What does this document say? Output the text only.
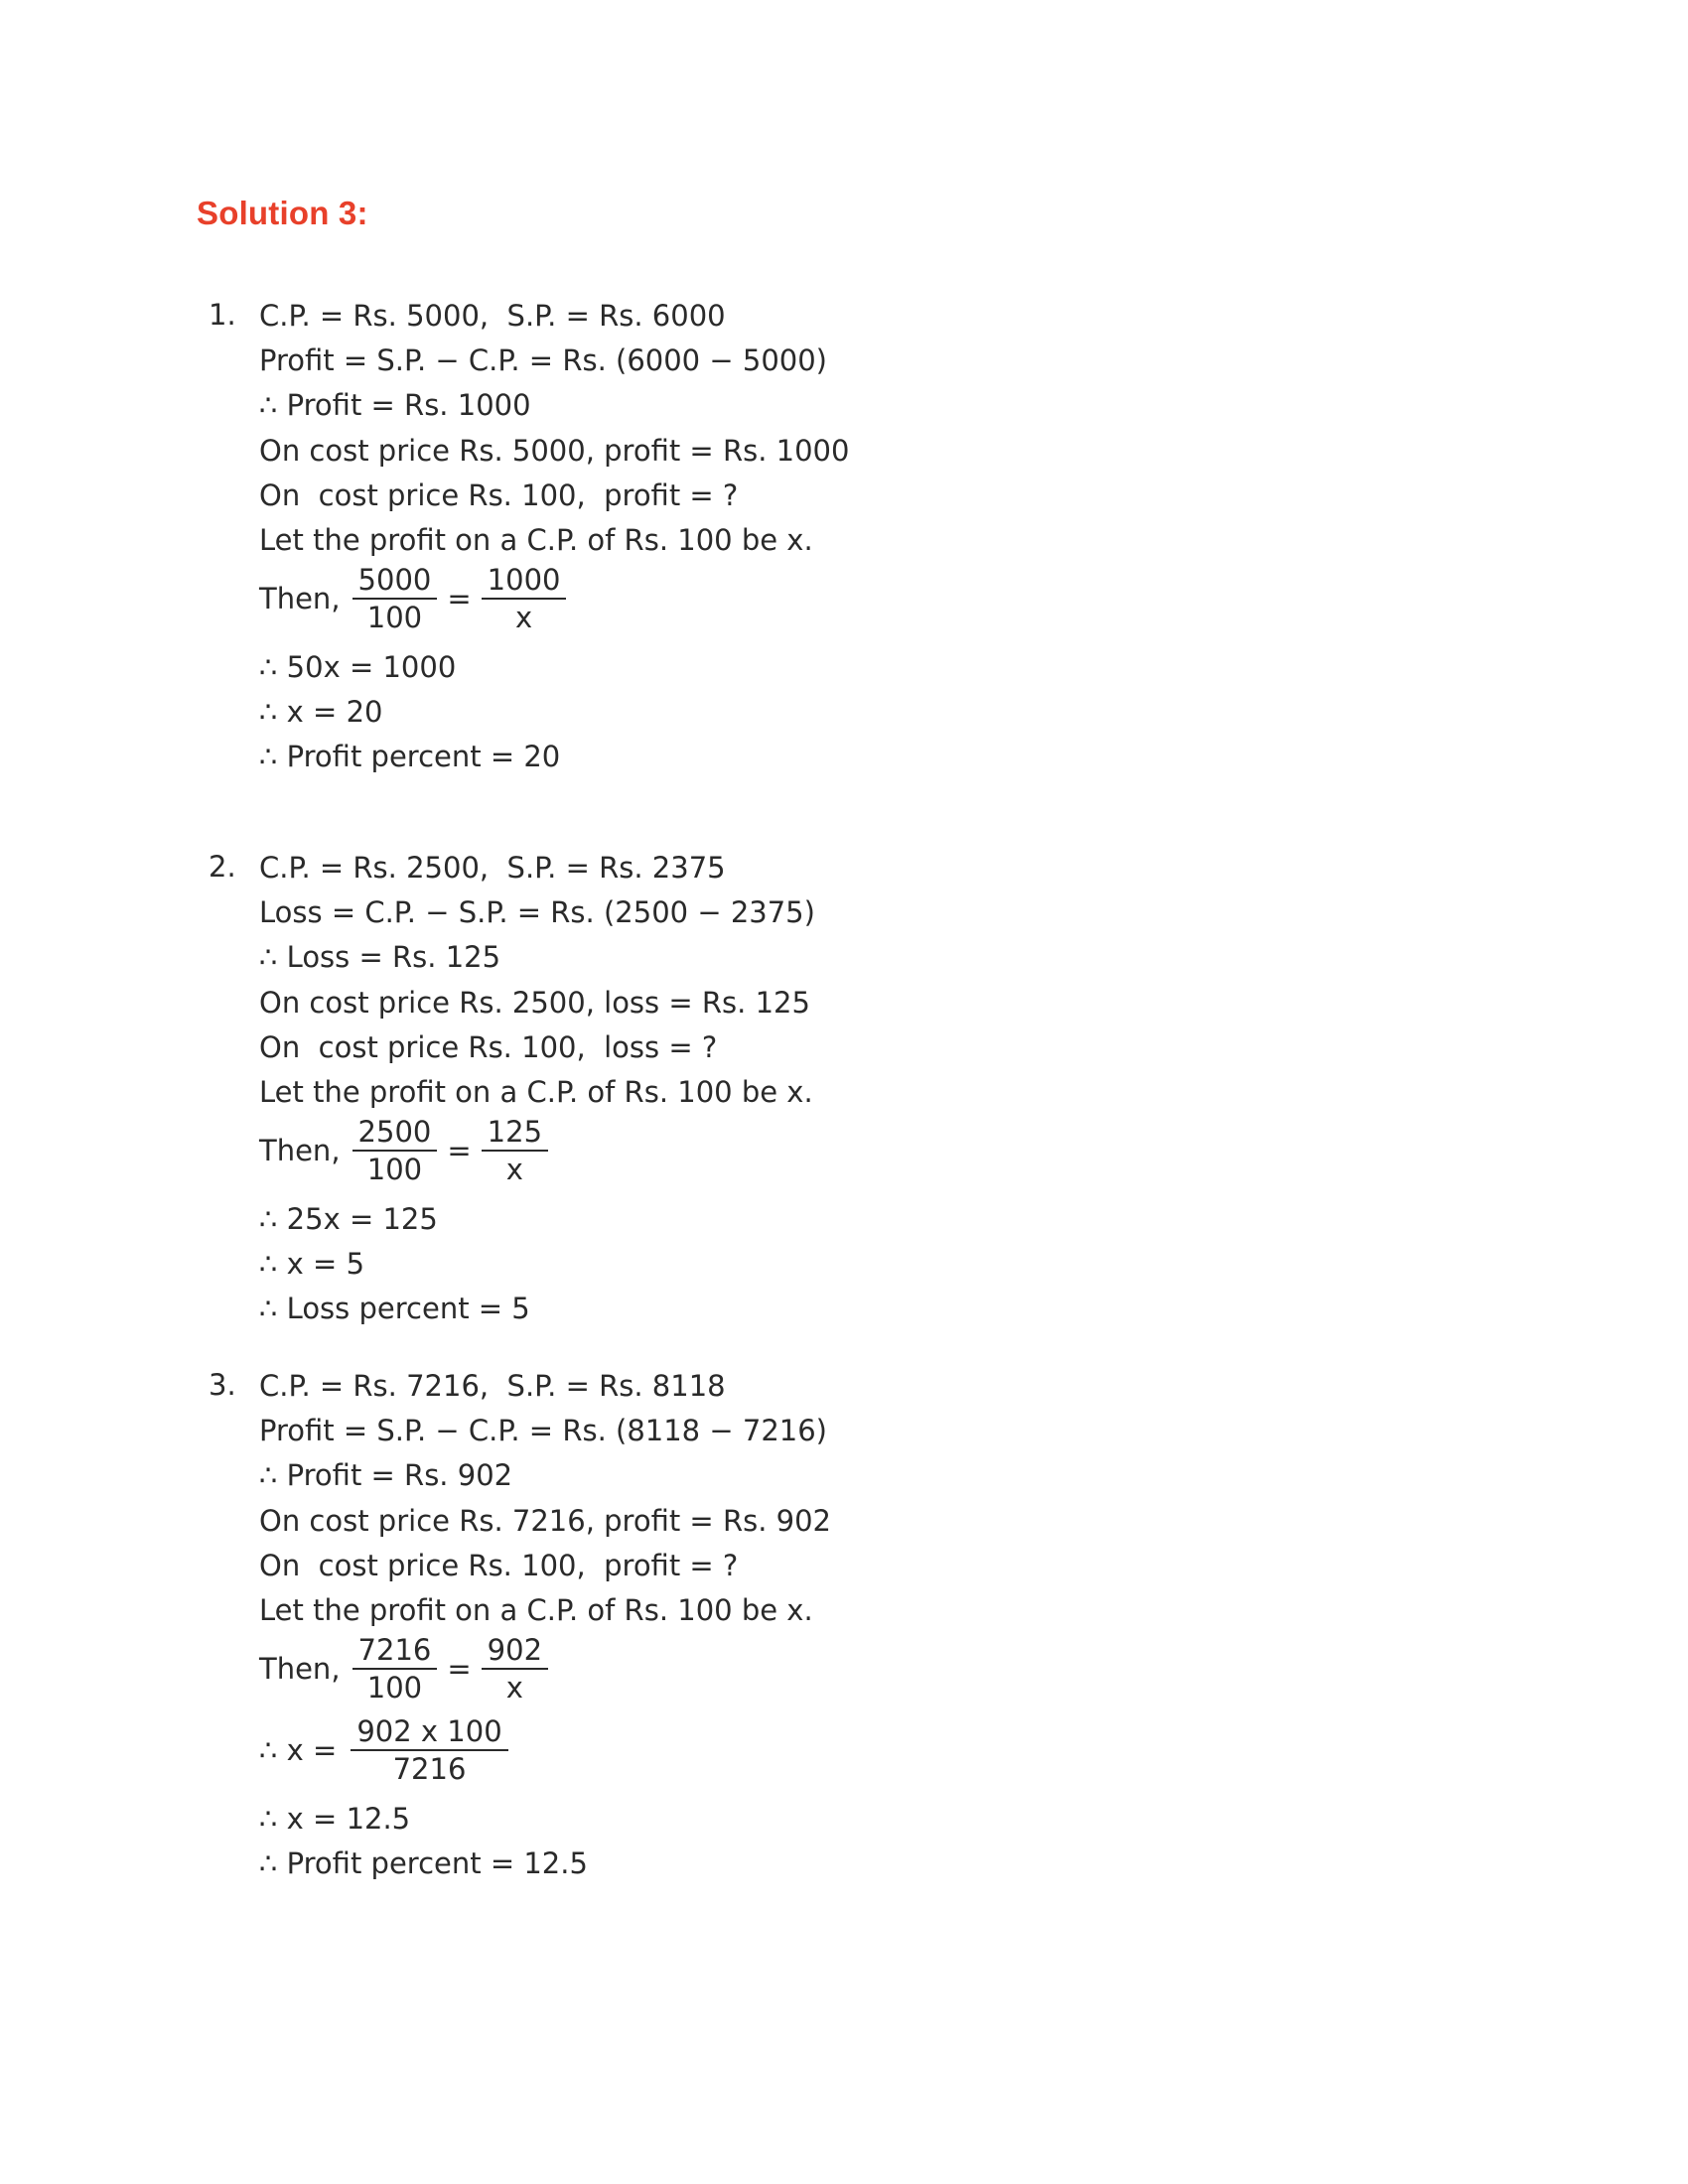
Solution 3:
1. C.P. = Rs. 5000,  S.P. = Rs. 6000
Profit = S.P. − C.P. = Rs. (6000 − 5000)
∴ Profit = Rs. 1000
On cost price Rs. 5000, profit = Rs. 1000
On  cost price Rs. 100,  profit = ?
Let the profit on a C.P. of Rs. 100 be x.
Then, $\frac{5000}{100} = \frac{1000}{x}$
∴ 50x = 1000
∴ x = 20
∴ Profit percent = 20
2. C.P. = Rs. 2500,  S.P. = Rs. 2375
Loss = C.P. − S.P. = Rs. (2500 − 2375)
∴ Loss = Rs. 125
On cost price Rs. 2500, loss = Rs. 125
On  cost price Rs. 100,  loss = ?
Let the profit on a C.P. of Rs. 100 be x.
Then, $\frac{2500}{100} = \frac{125}{x}$
∴ 25x = 125
∴ x = 5
∴ Loss percent = 5
3. C.P. = Rs. 7216,  S.P. = Rs. 8118
Profit = S.P. − C.P. = Rs. (8118 − 7216)
∴ Profit = Rs. 902
On cost price Rs. 7216, profit = Rs. 902
On  cost price Rs. 100,  profit = ?
Let the profit on a C.P. of Rs. 100 be x.
Then, $\frac{7216}{100} = \frac{902}{x}$
∴ $x = \frac{902 x 100}{7216}$
∴ x = 12.5
∴ Profit percent = 12.5
